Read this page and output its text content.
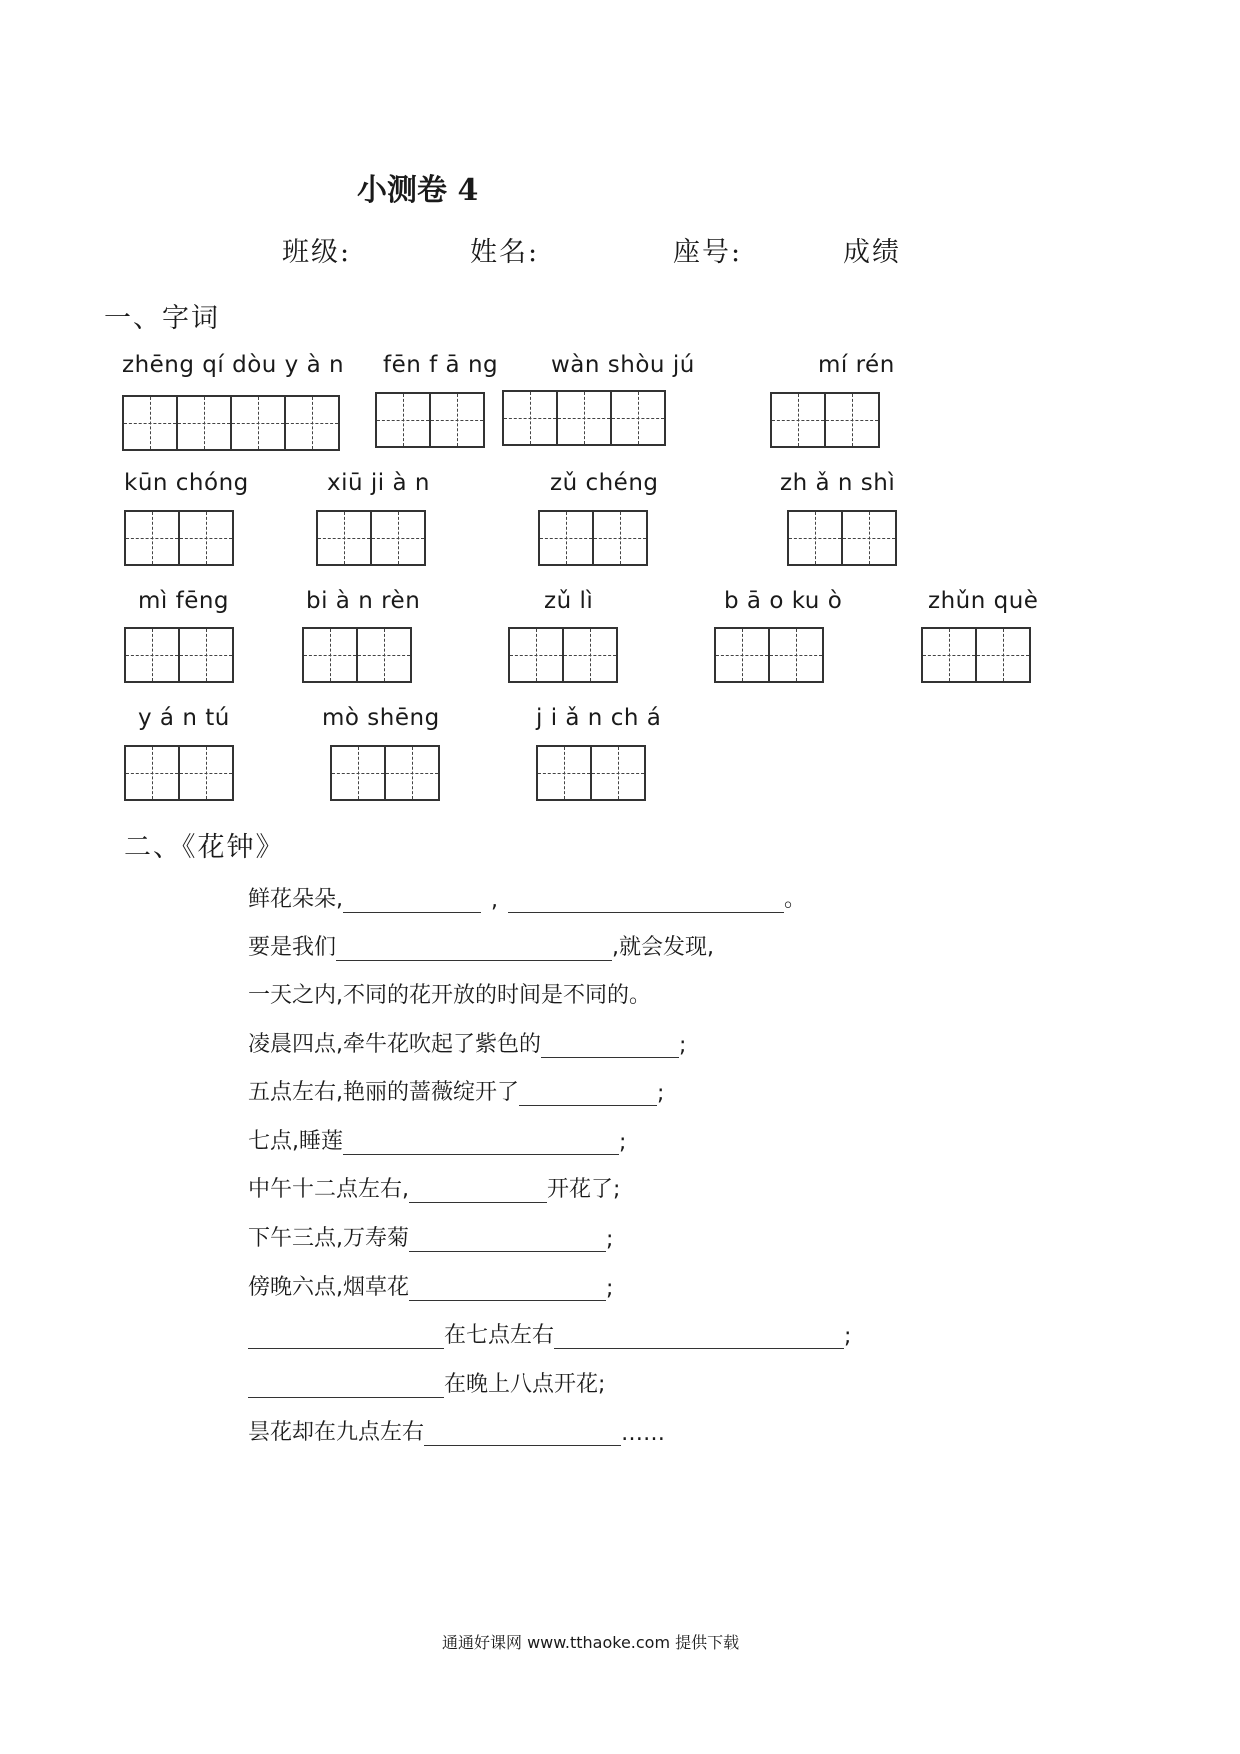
小测卷 4
班级:	姓名:	座号:	成绩
一、字词
zhēng qí dòu y à n fēn f ā ng wàn shòu jú	mí rén
kūn chóng	xiū ji à n	zǔ chéng	zh ǎ n shì
mì fēng	bi à n rèn	zǔ lì	b ā o ku ò	zhǔn què
y á n tú	mò shēng	j i ǎ n ch á
二、《花钟》
鲜花朵朵,	,	。
要是我们	,就会发现,
一天之内,不同的花开放的时间是不同的。
凌晨四点,牵牛花吹起了紫色的	;
五点左右,艳丽的蔷薇绽开了	;
七点,睡莲	;
中午十二点左右,	开花了;
下午三点,万寿菊	;
傍晚六点,烟草花	;
在七点左右	;
在晚上八点开花;
昙花却在九点左右	……
通通好课网 www.tthaoke.com 提供下载
